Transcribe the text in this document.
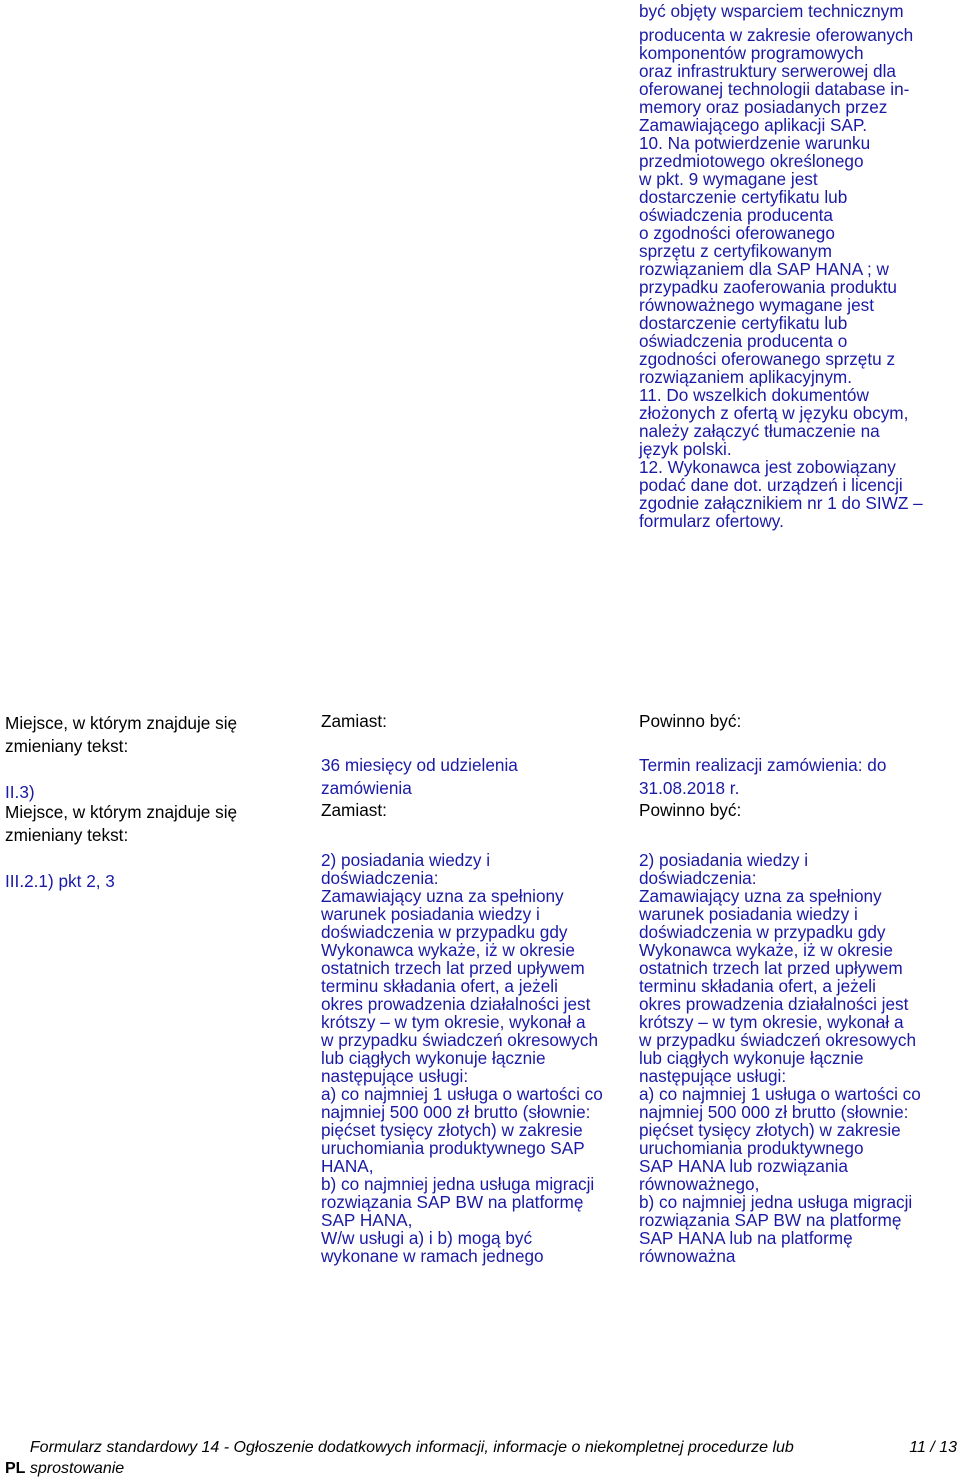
być objęty wsparciem technicznym
producenta w zakresie oferowanych
komponentów programowych
oraz infrastruktury serwerowej dla
oferowanej technologii database in-
memory oraz posiadanych przez
Zamawiającego aplikacji SAP.
10. Na potwierdzenie warunku
przedmiotowego określonego
w pkt. 9 wymagane jest
dostarczenie certyfikatu lub
oświadczenia producenta
o zgodności oferowanego
sprzętu z certyfikowanym
rozwiązaniem dla SAP HANA ; w
przypadku zaoferowania produktu
równoważnego wymagane jest
dostarczenie certyfikatu lub
oświadczenia producenta o
zgodności oferowanego sprzętu z
rozwiązaniem aplikacyjnym.
11. Do wszelkich dokumentów
złożonych z ofertą w języku obcym,
należy załączyć tłumaczenie na
język polski.
12. Wykonawca jest zobowiązany
podać dane dot. urządzeń i licencji
zgodnie załącznikiem nr 1 do SIWZ –
formularz ofertowy.

Miejsce, w którym znajduje się
zmieniany tekst:

II.3)

Zamiast:

36 miesięcy od udzielenia
zamówienia

Powinno być:

Termin realizacji zamówienia: do
31.08.2018 r.

Miejsce, w którym znajduje się
zmieniany tekst:

III.2.1) pkt 2, 3

Zamiast:

2) posiadania wiedzy i
doświadczenia:
Zamawiający uzna za spełniony
warunek posiadania wiedzy i
doświadczenia w przypadku gdy
Wykonawca wykaże, iż w okresie
ostatnich trzech lat przed upływem
terminu składania ofert, a jeżeli
okres prowadzenia działalności jest
krótszy – w tym okresie, wykonał a
w przypadku świadczeń okresowych
lub ciągłych wykonuje łącznie
następujące usługi:
a) co najmniej 1 usługa o wartości co
najmniej 500 000 zł brutto (słownie:
pięćset tysięcy złotych) w zakresie
uruchomiania produktywnego SAP
HANA,
b) co najmniej jedna usługa migracji
rozwiązania SAP BW na platformę
SAP HANA,
W/w usługi a) i b) mogą być
wykonane w ramach jednego

Powinno być:

2) posiadania wiedzy i
doświadczenia:
Zamawiający uzna za spełniony
warunek posiadania wiedzy i
doświadczenia w przypadku gdy
Wykonawca wykaże, iż w okresie
ostatnich trzech lat przed upływem
terminu składania ofert, a jeżeli
okres prowadzenia działalności jest
krótszy – w tym okresie, wykonał a
w przypadku świadczeń okresowych
lub ciągłych wykonuje łącznie
następujące usługi:
a) co najmniej 1 usługa o wartości co
najmniej 500 000 zł brutto (słownie:
pięćset tysięcy złotych) w zakresie
uruchomiania produktywnego
SAP HANA lub rozwiązania
równoważnego,
b) co najmniej jedna usługa migracji
rozwiązania SAP BW na platformę
SAP HANA lub na platformę
równoważna

PL Formularz standardowy 14 - Ogłoszenie dodatkowych informacji, informacje o niekompletnej procedurze lub
sprostowanie
11 / 13
